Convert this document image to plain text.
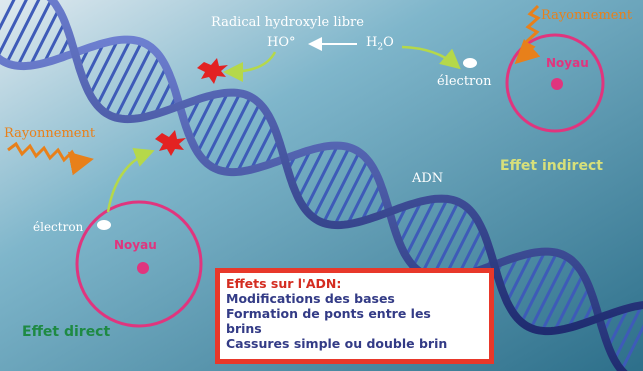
Radical hydroxyle libre
HO°	$H_2O$
électron
électron
ADN
Rayonnement
Rayonnement
Noyau
Noyau
Effet indirect
Effet direct
Effets sur l'ADN:
Modifications des bases
Formation de ponts entre les
brins
Cassures simple ou double brin
